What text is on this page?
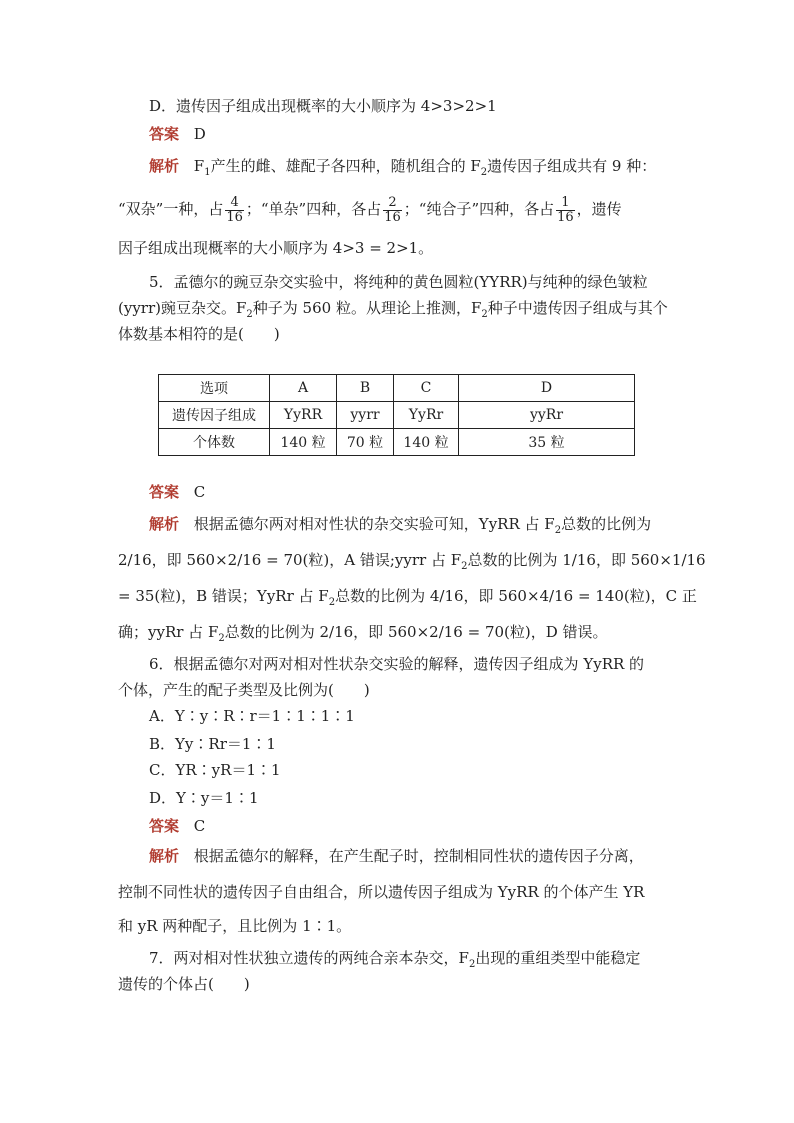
D．遗传因子组成出现概率的大小顺序为 4>3>2>1
答案 D
解析 $F_1$产生的雌、雄配子各四种，随机组合的 $F_2$遗传因子组成共有 9 种：
“双杂”一种，占 $\frac{4}{16}$ ；“单杂”四种，各占 $\frac{2}{16}$ ；“纯合子”四种，各占 $\frac{1}{16}$ ，遗传
因子组成出现概率的大小顺序为 4>3 = 2>1。
5．孟德尔的豌豆杂交实验中，将纯种的黄色圆粒(YYRR)与纯种的绿色皱粒
(yyrr)豌豆杂交。$F_2$种子为 560 粒。从理论上推测，$F_2$种子中遗传因子组成与其个
体数基本相符的是(　　)
选项	A	B	C	D
遗传因子组成	YyRR	yyrr	YyRr	yyRr
个体数	140 粒	70 粒	140 粒	35 粒
答案 C
解析 根据孟德尔两对相对性状的杂交实验可知，YyRR 占 $F_2$总数的比例为
2/16，即 560×2/16 = 70(粒)，A 错误;yyrr 占 $F_2$总数的比例为 1/16，即 560×1/16
= 35(粒)，B 错误；YyRr 占 $F_2$总数的比例为 4/16，即 560×4/16 = 140(粒)，C 正
确；yyRr 占 $F_2$总数的比例为 2/16，即 560×2/16 = 70(粒)，D 错误。
6．根据孟德尔对两对相对性状杂交实验的解释，遗传因子组成为 YyRR 的
个体，产生的配子类型及比例为(　　)
A．Y∶y∶R∶r＝1∶1∶1∶1
B．Yy∶Rr＝1∶1
C．YR∶yR＝1∶1
D．Y∶y＝1∶1
答案 C
解析 根据孟德尔的解释，在产生配子时，控制相同性状的遗传因子分离，
控制不同性状的遗传因子自由组合，所以遗传因子组成为 YyRR 的个体产生 YR
和 yR 两种配子，且比例为 1∶1。
7．两对相对性状独立遗传的两纯合亲本杂交，$F_2$出现的重组类型中能稳定
遗传的个体占(　　)
